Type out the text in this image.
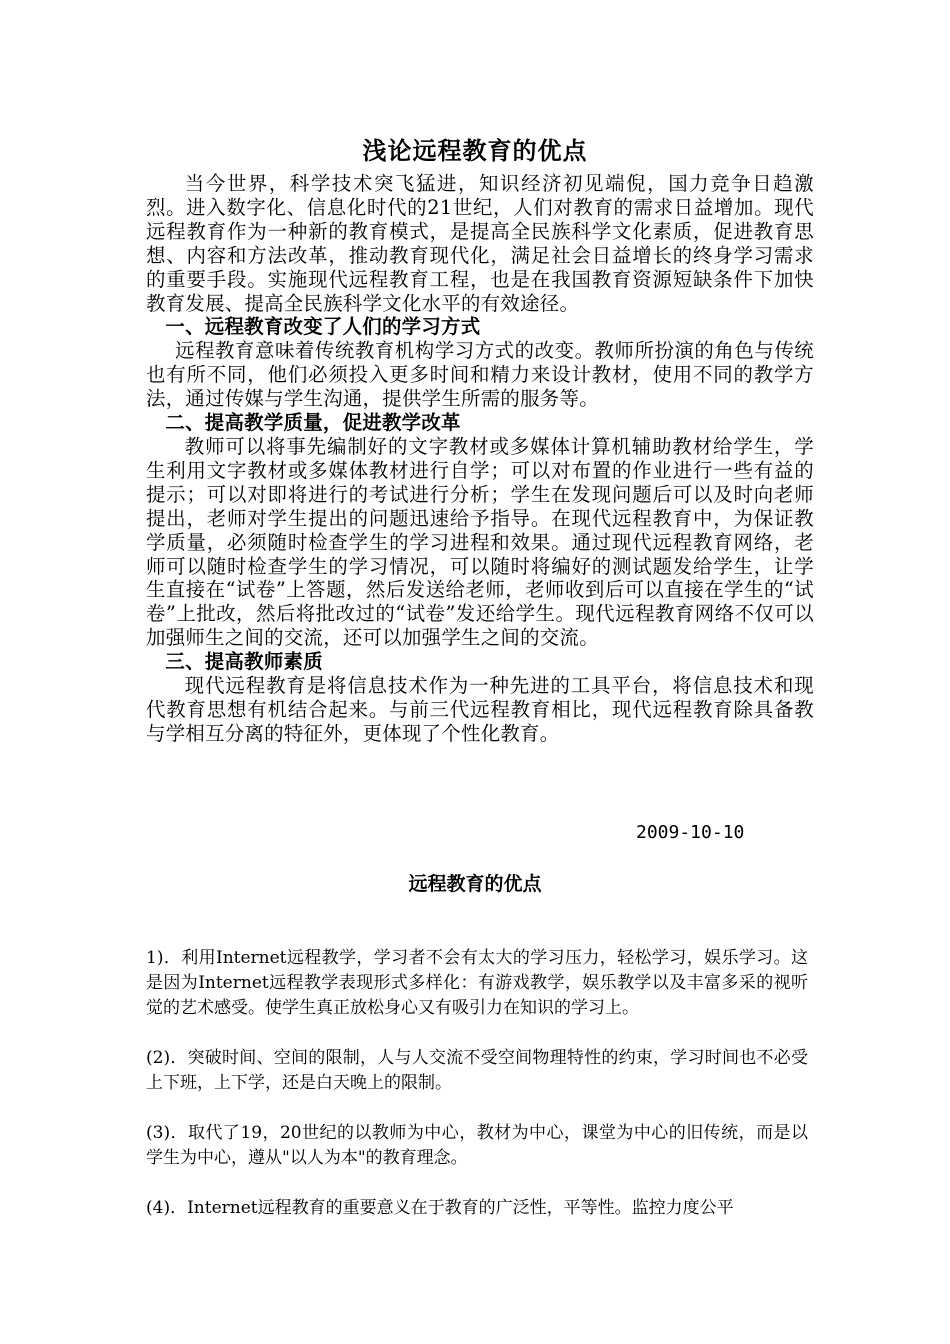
浅论远程教育的优点

当今世界，科学技术突飞猛进，知识经济初见端倪，国力竞争日趋激烈。进入数字化、信息化时代的21世纪，人们对教育的需求日益增加。现代远程教育作为一种新的教育模式，是提高全民族科学文化素质，促进教育思想、内容和方法改革，推动教育现代化，满足社会日益增长的终身学习需求的重要手段。实施现代远程教育工程，也是在我国教育资源短缺条件下加快教育发展、提高全民族科学文化水平的有效途径。

一、远程教育改变了人们的学习方式

远程教育意味着传统教育机构学习方式的改变。教师所扮演的角色与传统也有所不同，他们必须投入更多时间和精力来设计教材，使用不同的教学方法，通过传媒与学生沟通，提供学生所需的服务等。

二、提高教学质量，促进教学改革

教师可以将事先编制好的文字教材或多媒体计算机辅助教材给学生，学生利用文字教材或多媒体教材进行自学；可以对布置的作业进行一些有益的提示；可以对即将进行的考试进行分析；学生在发现问题后可以及时向老师提出，老师对学生提出的问题迅速给予指导。在现代远程教育中，为保证教学质量，必须随时检查学生的学习进程和效果。通过现代远程教育网络，老师可以随时检查学生的学习情况，可以随时将编好的测试题发给学生，让学生直接在“试卷”上答题，然后发送给老师，老师收到后可以直接在学生的“试卷”上批改，然后将批改过的“试卷”发还给学生。现代远程教育网络不仅可以加强师生之间的交流，还可以加强学生之间的交流。

三、提高教师素质

现代远程教育是将信息技术作为一种先进的工具平台，将信息技术和现代教育思想有机结合起来。与前三代远程教育相比，现代远程教育除具备教与学相互分离的特征外，更体现了个性化教育。

2009-10-10
远程教育的优点

1)．利用Internet远程教学，学习者不会有太大的学习压力，轻松学习，娱乐学习。这是因为Internet远程教学表现形式多样化：有游戏教学，娱乐教学以及丰富多采的视听觉的艺术感受。使学生真正放松身心又有吸引力在知识的学习上。

(2)．突破时间、空间的限制，人与人交流不受空间物理特性的约束，学习时间也不必受上下班，上下学，还是白天晚上的限制。

(3)．取代了19，20世纪的以教师为中心，教材为中心，课堂为中心的旧传统，而是以学生为中心，遵从"以人为本"的教育理念。

(4)．Internet远程教育的重要意义在于教育的广泛性，平等性。监控力度公平
